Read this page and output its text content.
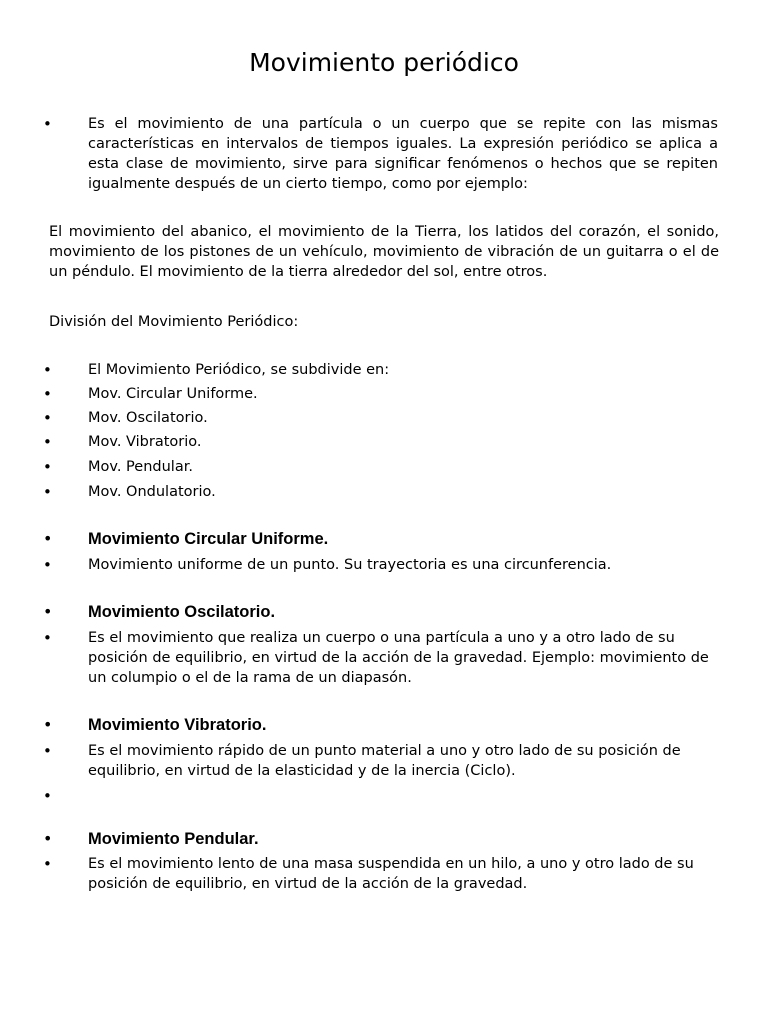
Movimiento periódico
• Es el movimiento de una partícula o un cuerpo que se repite con las mismas características en intervalos de tiempos iguales. La expresión periódico se aplica a esta clase de movimiento, sirve para significar fenómenos o hechos que se repiten igualmente después de un cierto tiempo, como por ejemplo:
El movimiento del abanico, el movimiento de la Tierra, los latidos del corazón, el sonido, movimiento de los pistones de un vehículo, movimiento de vibración de un guitarra o el de un péndulo. El movimiento de la tierra alrededor del sol, entre otros.
División del Movimiento Periódico:
• El Movimiento Periódico, se subdivide en:
• Mov. Circular Uniforme.
• Mov. Oscilatorio.
• Mov. Vibratorio.
• Mov. Pendular.
• Mov. Ondulatorio.
• Movimiento Circular Uniforme.
• Movimiento uniforme de un punto. Su trayectoria es una circunferencia.
• Movimiento Oscilatorio.
• Es el movimiento que realiza un cuerpo o una partícula a uno y a otro lado de su posición de equilibrio, en virtud de la acción de la gravedad. Ejemplo: movimiento de un columpio o el de la rama de un diapasón.
• Movimiento Vibratorio.
• Es el movimiento rápido de un punto material a uno y otro lado de su posición de equilibrio, en virtud de la elasticidad y de la inercia (Ciclo).
•
• Movimiento Pendular.
• Es el movimiento lento de una masa suspendida en un hilo, a uno y otro lado de su posición de equilibrio, en virtud de la acción de la gravedad.
